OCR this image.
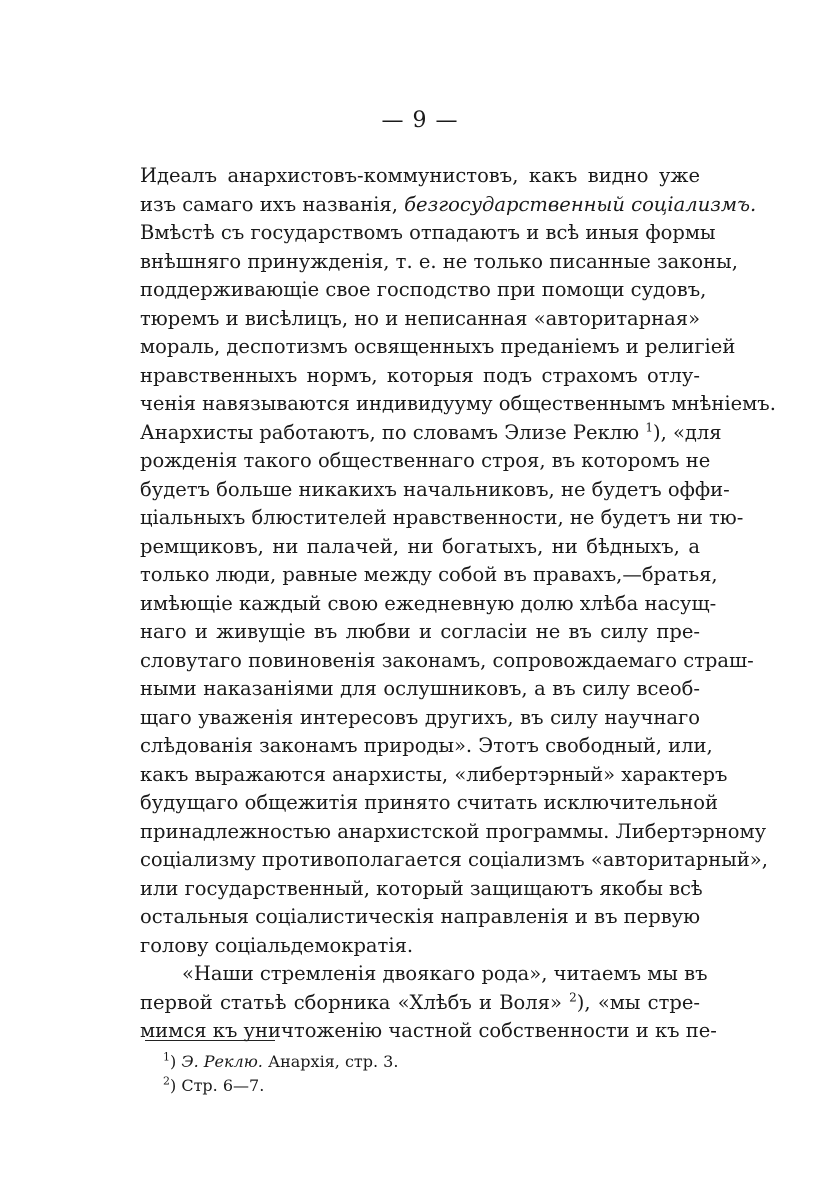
— 9 —
Идеалъ анархистовъ-коммунистовъ, какъ видно уже
изъ самаго ихъ названія, безгосударственный соціализмъ.
Вмѣстѣ съ государствомъ отпадаютъ и всѣ иныя формы
внѣшняго принужденія, т. е. не только писанные законы,
поддерживающіе свое господство при помощи судовъ,
тюремъ и висѣлицъ, но и неписанная «авторитарная»
мораль, деспотизмъ освященныхъ преданіемъ и религіей
нравственныхъ нормъ, которыя подъ страхомъ отлу-
ченія навязываются индивидууму общественнымъ мнѣніемъ.
Анархисты работаютъ, по словамъ Элизе Реклю $^1$), «для
рожденія такого общественнаго строя, въ которомъ не
будетъ больше никакихъ начальниковъ, не будетъ оффи-
ціальныхъ блюстителей нравственности, не будетъ ни тю-
ремщиковъ, ни палачей, ни богатыхъ, ни бѣдныхъ, а
только люди, равные между собой въ правахъ,—братья,
имѣющіе каждый свою ежедневную долю хлѣба насущ-
наго и живущіе въ любви и согласіи не въ силу пре-
словутаго повиновенія законамъ, сопровождаемаго страш-
ными наказаніями для ослушниковъ, а въ силу всеоб-
щаго уваженія интересовъ другихъ, въ силу научнаго
слѣдованія законамъ природы». Этотъ свободный, или,
какъ выражаются анархисты, «либертэрный» характеръ
будущаго общежитія принято считать исключительной
принадлежностью анархистской программы. Либертэрному
соціализму противополагается соціализмъ «авторитарный»,
или государственный, который защищаютъ якобы всѣ
остальныя соціалистическія направленія и въ первую
голову соціальдемократія.
«Наши стремленія двоякаго рода», читаемъ мы въ
первой статьѣ сборника «Хлѣбъ и Воля» $^2$), «мы стре-
мимся къ уничтоженію частной собственности и къ пе-
$^1$) Э. Реклю. Анархія, стр. 3.
$^2$) Стр. 6—7.
